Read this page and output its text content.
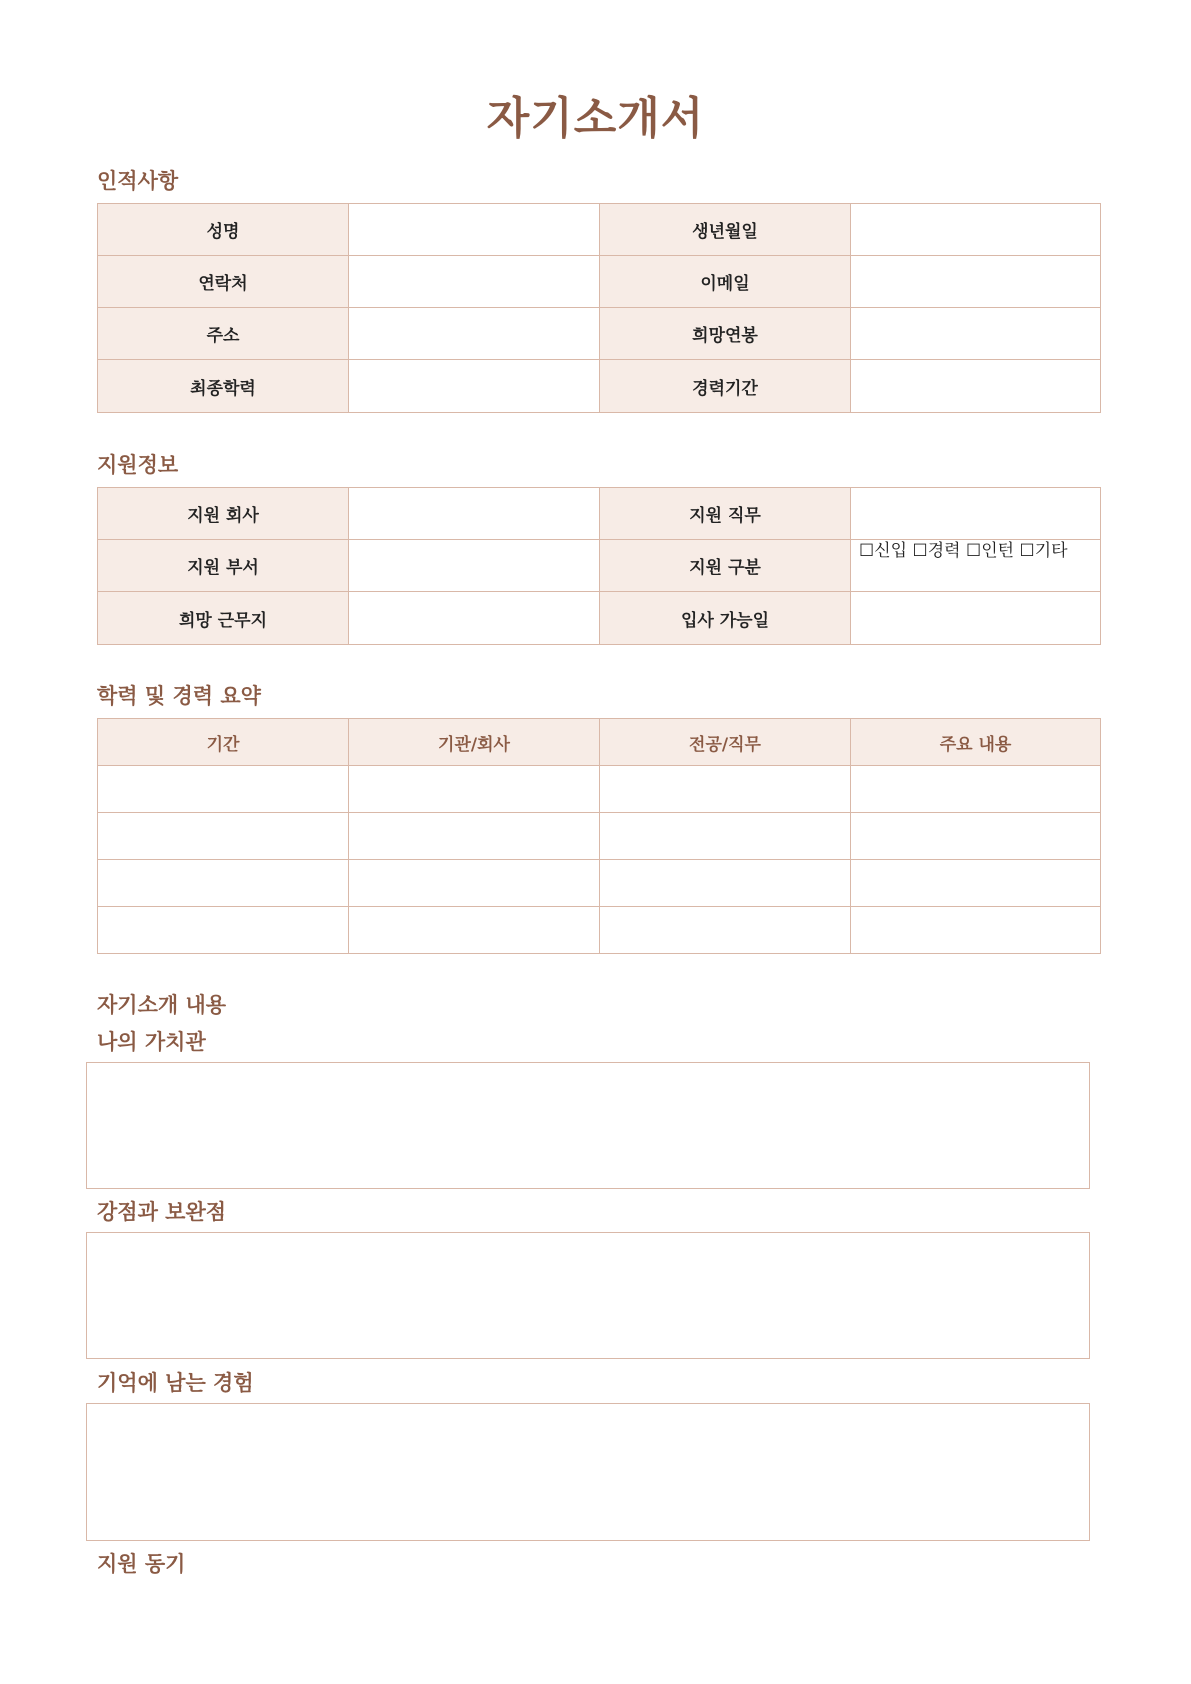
자기소개서
인적사항
성명		생년월일	
연락처		이메일	
주소		희망연봉	
최종학력		경력기간	
지원정보
지원 회사		지원 직무	
지원 부서		지원 구분	☐신입 ☐경력 ☐인턴 ☐기타
희망 근무지		입사 가능일	
학력 및 경력 요약
기간	기관/회사	전공/직무	주요 내용

자기소개 내용
나의 가치관
강점과 보완점
기억에 남는 경험
지원 동기
